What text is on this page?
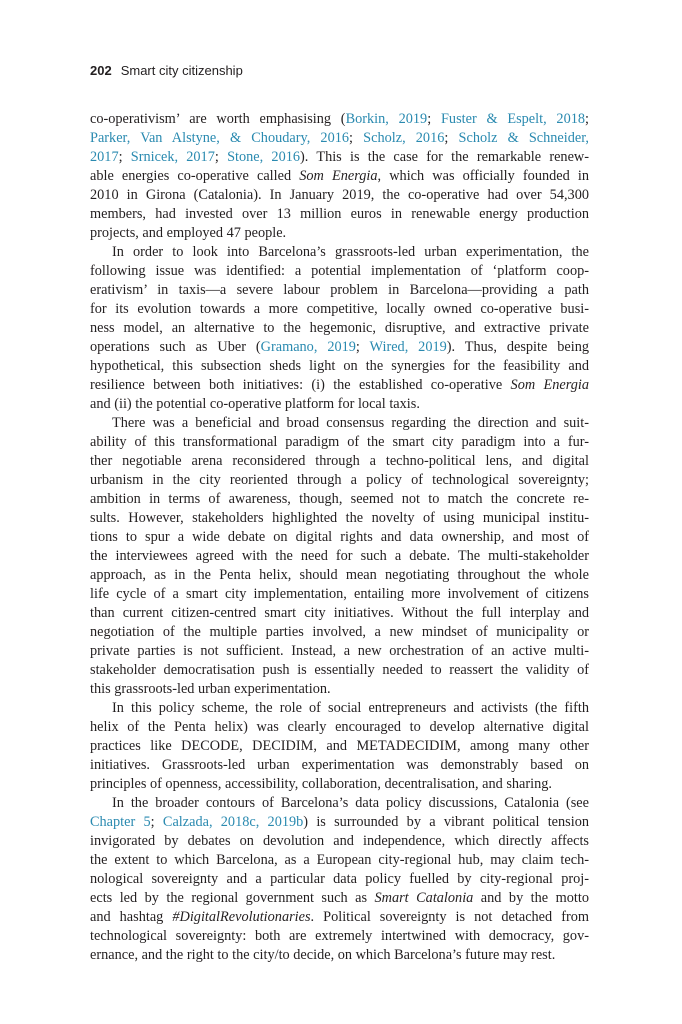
202 Smart city citizenship
co-operativism’ are worth emphasising (Borkin, 2019; Fuster & Espelt, 2018;
Parker, Van Alstyne, & Choudary, 2016; Scholz, 2016; Scholz & Schneider,
2017; Srnicek, 2017; Stone, 2016). This is the case for the remarkable renew-
able energies co-operative called Som Energia, which was officially founded in
2010 in Girona (Catalonia). In January 2019, the co-operative had over 54,300
members, had invested over 13 million euros in renewable energy production
projects, and employed 47 people.
In order to look into Barcelona’s grassroots-led urban experimentation, the
following issue was identified: a potential implementation of ‘platform coop-
erativism’ in taxis—a severe labour problem in Barcelona—providing a path
for its evolution towards a more competitive, locally owned co-operative busi-
ness model, an alternative to the hegemonic, disruptive, and extractive private
operations such as Uber (Gramano, 2019; Wired, 2019). Thus, despite being
hypothetical, this subsection sheds light on the synergies for the feasibility and
resilience between both initiatives: (i) the established co-operative Som Energia
and (ii) the potential co-operative platform for local taxis.
There was a beneficial and broad consensus regarding the direction and suit-
ability of this transformational paradigm of the smart city paradigm into a fur-
ther negotiable arena reconsidered through a techno-political lens, and digital
urbanism in the city reoriented through a policy of technological sovereignty;
ambition in terms of awareness, though, seemed not to match the concrete re-
sults. However, stakeholders highlighted the novelty of using municipal institu-
tions to spur a wide debate on digital rights and data ownership, and most of
the interviewees agreed with the need for such a debate. The multi-stakeholder
approach, as in the Penta helix, should mean negotiating throughout the whole
life cycle of a smart city implementation, entailing more involvement of citizens
than current citizen-centred smart city initiatives. Without the full interplay and
negotiation of the multiple parties involved, a new mindset of municipality or
private parties is not sufficient. Instead, a new orchestration of an active multi-
stakeholder democratisation push is essentially needed to reassert the validity of
this grassroots-led urban experimentation.
In this policy scheme, the role of social entrepreneurs and activists (the fifth
helix of the Penta helix) was clearly encouraged to develop alternative digital
practices like DECODE, DECIDIM, and METADECIDIM, among many other
initiatives. Grassroots-led urban experimentation was demonstrably based on
principles of openness, accessibility, collaboration, decentralisation, and sharing.
In the broader contours of Barcelona’s data policy discussions, Catalonia (see
Chapter 5; Calzada, 2018c, 2019b) is surrounded by a vibrant political tension
invigorated by debates on devolution and independence, which directly affects
the extent to which Barcelona, as a European city-regional hub, may claim tech-
nological sovereignty and a particular data policy fuelled by city-regional proj-
ects led by the regional government such as Smart Catalonia and by the motto
and hashtag #DigitalRevolutionaries. Political sovereignty is not detached from
technological sovereignty: both are extremely intertwined with democracy, gov-
ernance, and the right to the city/to decide, on which Barcelona’s future may rest.
